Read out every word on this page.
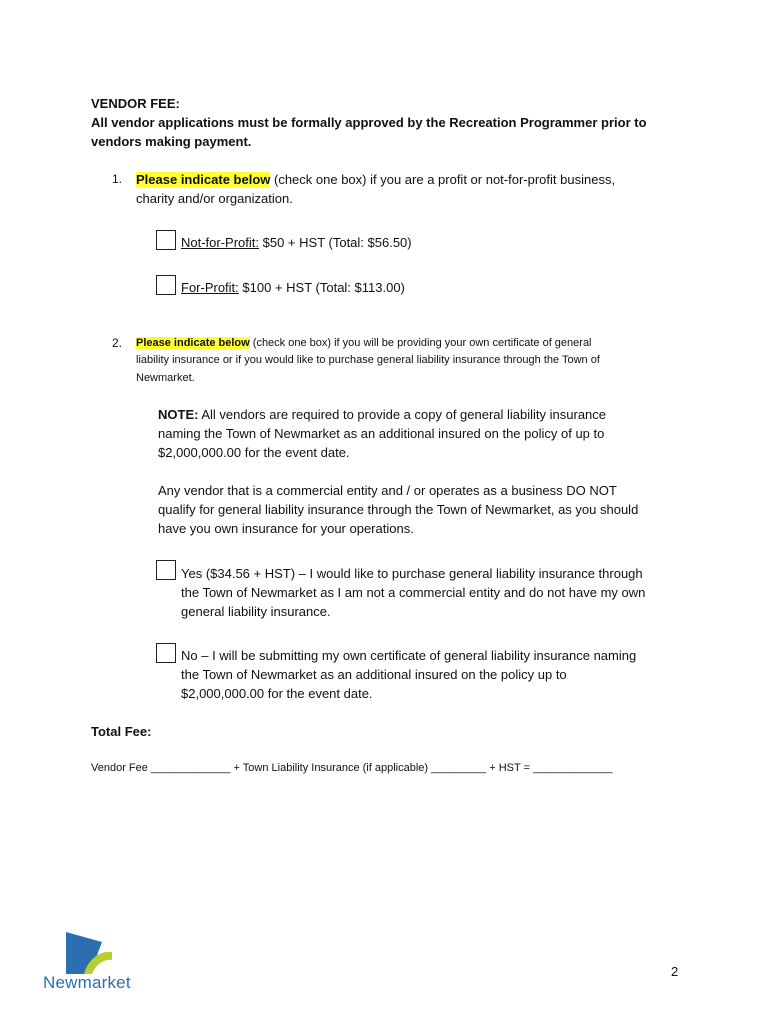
VENDOR FEE:
All vendor applications must be formally approved by the Recreation Programmer prior to
vendors making payment.
1. Please indicate below (check one box) if you are a profit or not-for-profit business,
charity and/or organization.
Not-for-Profit: $50 + HST (Total: $56.50)
For-Profit: $100 + HST (Total: $113.00)
2. Please indicate below (check one box) if you will be providing your own certificate of general
liability insurance or if you would like to purchase general liability insurance through the Town of
Newmarket.
NOTE: All vendors are required to provide a copy of general liability insurance
naming the Town of Newmarket as an additional insured on the policy of up to
$2,000,000.00 for the event date.
Any vendor that is a commercial entity and / or operates as a business DO NOT
qualify for general liability insurance through the Town of Newmarket, as you should
have you own insurance for your operations.
Yes ($34.56 + HST) – I would like to purchase general liability insurance through
the Town of Newmarket as I am not a commercial entity and do not have my own
general liability insurance.
No – I will be submitting my own certificate of general liability insurance naming
the Town of Newmarket as an additional insured on the policy up to
$2,000,000.00 for the event date.
Total Fee:
Vendor Fee _____________ + Town Liability Insurance (if applicable) _________ + HST = _____________
Newmarket
2
